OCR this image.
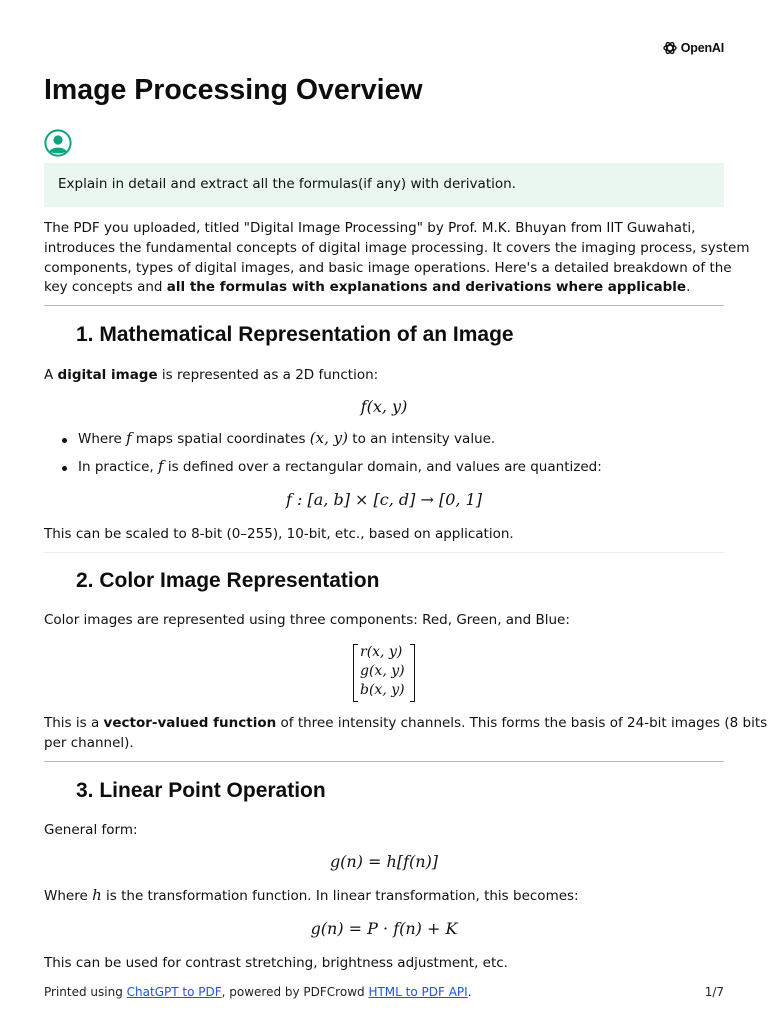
OpenAI
Image Processing Overview
Explain in detail and extract all the formulas(if any) with derivation.
The PDF you uploaded, titled "Digital Image Processing" by Prof. M.K. Bhuyan from IIT Guwahati,
introduces the fundamental concepts of digital image processing. It covers the imaging process, system
components, types of digital images, and basic image operations. Here's a detailed breakdown of the
key concepts and all the formulas with explanations and derivations where applicable.
1. Mathematical Representation of an Image
A digital image is represented as a 2D function:
f(x, y)
Where f maps spatial coordinates (x, y) to an intensity value.
In practice, f is defined over a rectangular domain, and values are quantized:
f : [a, b] × [c, d] → [0, 1]
This can be scaled to 8-bit (0–255), 10-bit, etc., based on application.
2. Color Image Representation
Color images are represented using three components: Red, Green, and Blue:
r(x, y)
g(x, y)
b(x, y)
This is a vector-valued function of three intensity channels. This forms the basis of 24-bit images (8 bits
per channel).
3. Linear Point Operation
General form:
g(n) = h[f(n)]
Where h is the transformation function. In linear transformation, this becomes:
g(n) = P · f(n) + K
This can be used for contrast stretching, brightness adjustment, etc.
Printed using ChatGPT to PDF, powered by PDFCrowd HTML to PDF API.	1/7
